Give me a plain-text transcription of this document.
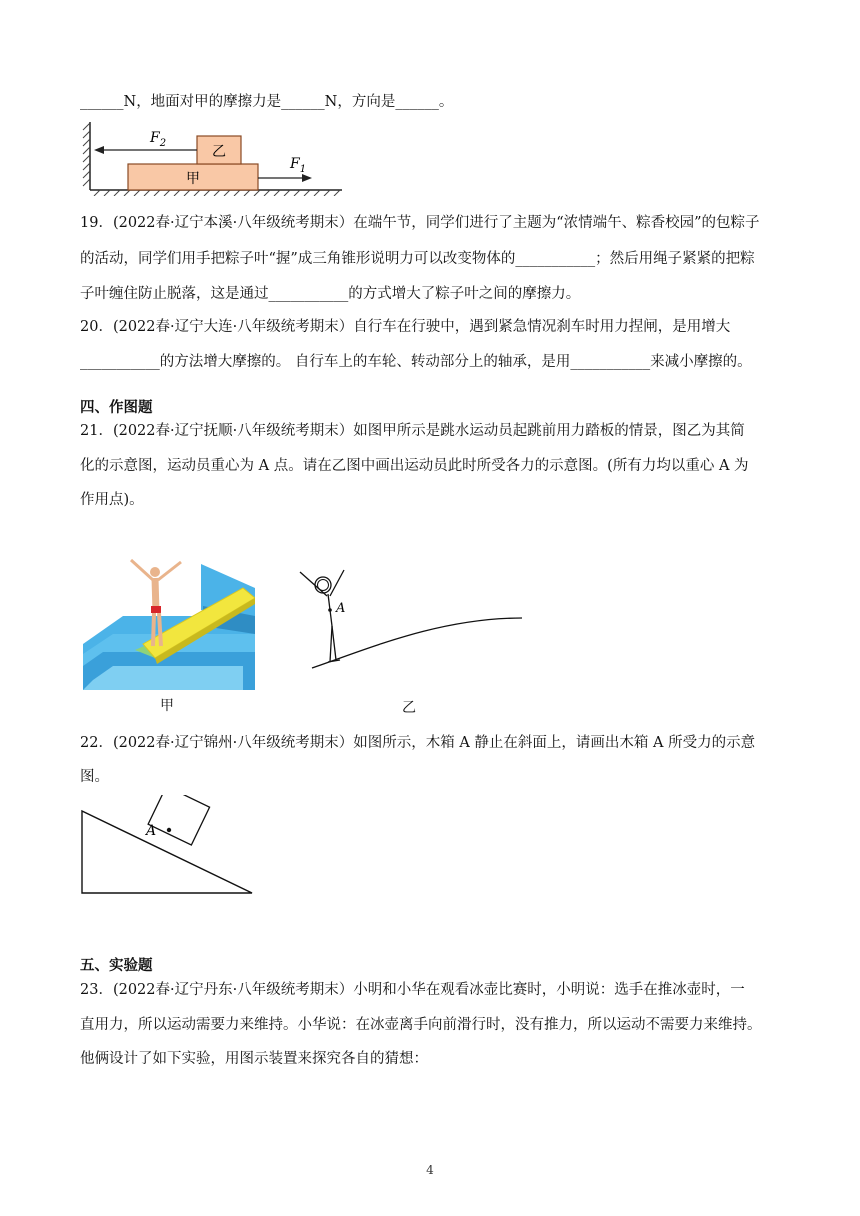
______N，地面对甲的摩擦力是______N，方向是______。
甲
乙
$F_2$
$F_1$
19．(2022春·辽宁本溪·八年级统考期末）在端午节，同学们进行了主题为“浓情端午、粽香校园”的包粽子
的活动，同学们用手把粽子叶“握”成三角锥形说明力可以改变物体的___________；然后用绳子紧紧的把粽
子叶缠住防止脱落，这是通过___________的方式增大了粽子叶之间的摩擦力。
20．(2022春·辽宁大连·八年级统考期末）自行车在行驶中，遇到紧急情况刹车时用力捏闸，是用增大
___________的方法增大摩擦的。 自行车上的车轮、转动部分上的轴承，是用___________来减小摩擦的。
四、作图题
21．(2022春·辽宁抚顺·八年级统考期末）如图甲所示是跳水运动员起跳前用力踏板的情景，图乙为其简
化的示意图，运动员重心为 A 点。请在乙图中画出运动员此时所受各力的示意图。(所有力均以重心 A 为
作用点)。
A
甲	乙
22．(2022春·辽宁锦州·八年级统考期末）如图所示，木箱 A 静止在斜面上，请画出木箱 A 所受力的示意
图。
A
五、实验题
23．(2022春·辽宁丹东·八年级统考期末）小明和小华在观看冰壶比赛时，小明说：选手在推冰壶时，一
直用力，所以运动需要力来维持。小华说：在冰壶离手向前滑行时，没有推力，所以运动不需要力来维持。
他俩设计了如下实验，用图示装置来探究各自的猜想：
4
